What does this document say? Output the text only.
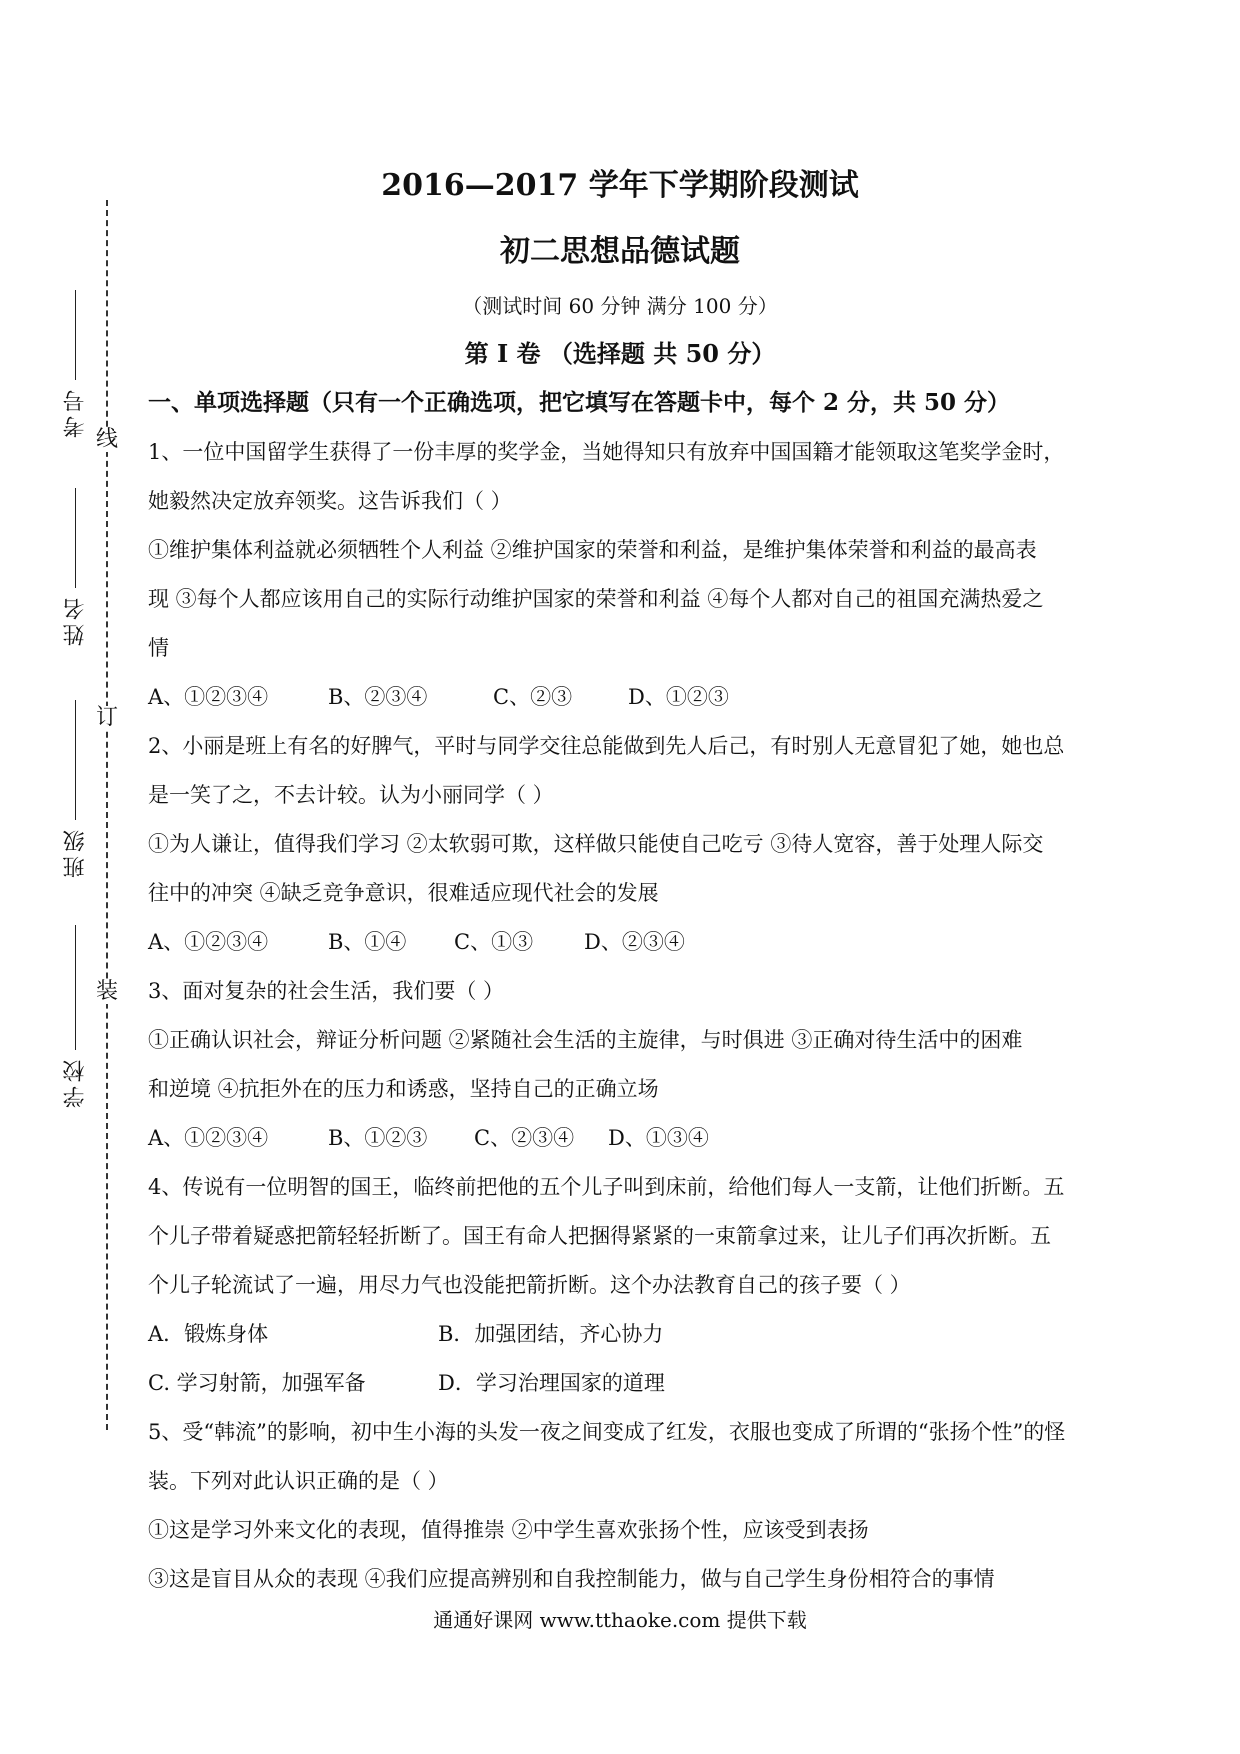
线
订
装
考号
姓名
班级
学校
2016—2017 学年下学期阶段测试
初二思想品德试题
（测试时间 60 分钟 满分 100 分）
第 I 卷 （选择题 共 50 分）
一、单项选择题（只有一个正确选项，把它填写在答题卡中，每个 2 分，共 50 分）
1、一位中国留学生获得了一份丰厚的奖学金，当她得知只有放弃中国国籍才能领取这笔奖学金时，
她毅然决定放弃领奖。这告诉我们（ ）
①维护集体利益就必须牺牲个人利益 ②维护国家的荣誉和利益，是维护集体荣誉和利益的最高表
现 ③每个人都应该用自己的实际行动维护国家的荣誉和利益 ④每个人都对自己的祖国充满热爱之
情
A、①②③④	B、②③④	C、②③	D、①②③
2、小丽是班上有名的好脾气，平时与同学交往总能做到先人后己，有时别人无意冒犯了她，她也总
是一笑了之，不去计较。认为小丽同学（ ）
①为人谦让，值得我们学习 ②太软弱可欺，这样做只能使自己吃亏 ③待人宽容，善于处理人际交
往中的冲突 ④缺乏竞争意识，很难适应现代社会的发展
A、①②③④	B、①④	C、①③	D、②③④
3、面对复杂的社会生活，我们要（ ）
①正确认识社会，辩证分析问题 ②紧随社会生活的主旋律，与时俱进 ③正确对待生活中的困难
和逆境 ④抗拒外在的压力和诱惑，坚持自己的正确立场
A、①②③④	B、①②③	C、②③④	D、①③④
4、传说有一位明智的国王，临终前把他的五个儿子叫到床前，给他们每人一支箭，让他们折断。五
个儿子带着疑惑把箭轻轻折断了。国王有命人把捆得紧紧的一束箭拿过来，让儿子们再次折断。五
个儿子轮流试了一遍，用尽力气也没能把箭折断。这个办法教育自己的孩子要（ ）
A．锻炼身体	B．加强团结，齐心协力
C. 学习射箭，加强军备	D．学习治理国家的道理
5、受“韩流”的影响，初中生小海的头发一夜之间变成了红发，衣服也变成了所谓的“张扬个性”的怪
装。下列对此认识正确的是（ ）
①这是学习外来文化的表现，值得推崇 ②中学生喜欢张扬个性，应该受到表扬
③这是盲目从众的表现 ④我们应提高辨别和自我控制能力，做与自己学生身份相符合的事情
通通好课网 www.tthaoke.com 提供下载
